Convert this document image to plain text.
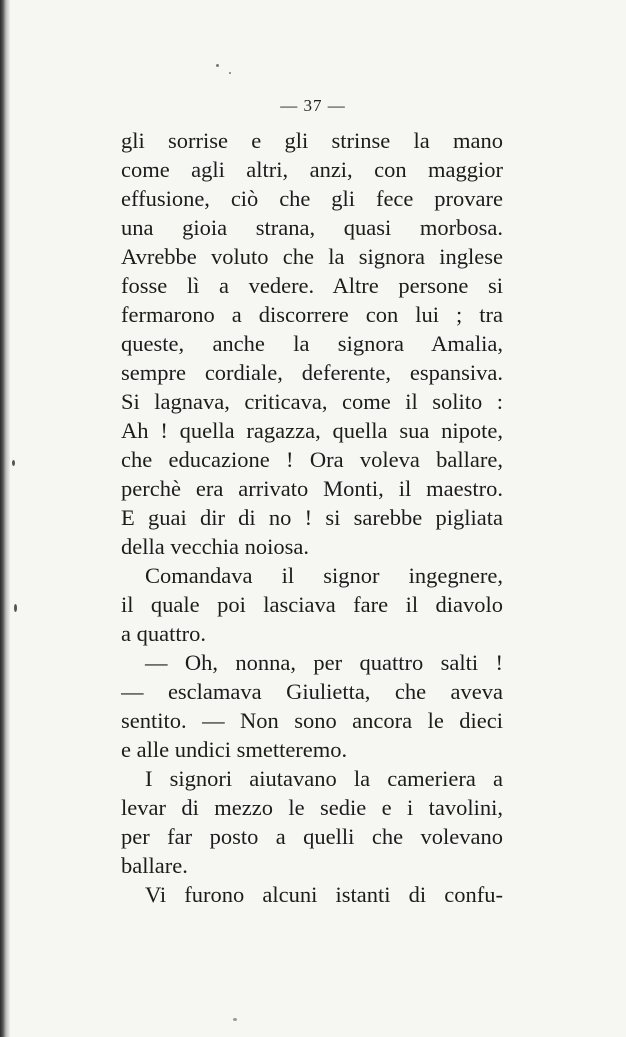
— 37 —
gli sorrise e gli strinse la mano
come agli altri, anzi, con maggior
effusione, ciò che gli fece provare
una gioia strana, quasi morbosa.
Avrebbe voluto che la signora inglese
fosse lì a vedere. Altre persone si
fermarono a discorrere con lui ; tra
queste, anche la signora Amalia,
sempre cordiale, deferente, espansiva.
Si lagnava, criticava, come il solito :
Ah ! quella ragazza, quella sua nipote,
che educazione ! Ora voleva ballare,
perchè era arrivato Monti, il maestro.
E guai dir di no ! si sarebbe pigliata
della vecchia noiosa.
Comandava il signor ingegnere,
il quale poi lasciava fare il diavolo
a quattro.
— Oh, nonna, per quattro salti !
— esclamava Giulietta, che aveva
sentito. — Non sono ancora le dieci
e alle undici smetteremo.
I signori aiutavano la cameriera a
levar di mezzo le sedie e i tavolini,
per far posto a quelli che volevano
ballare.
Vi furono alcuni istanti di confu-
